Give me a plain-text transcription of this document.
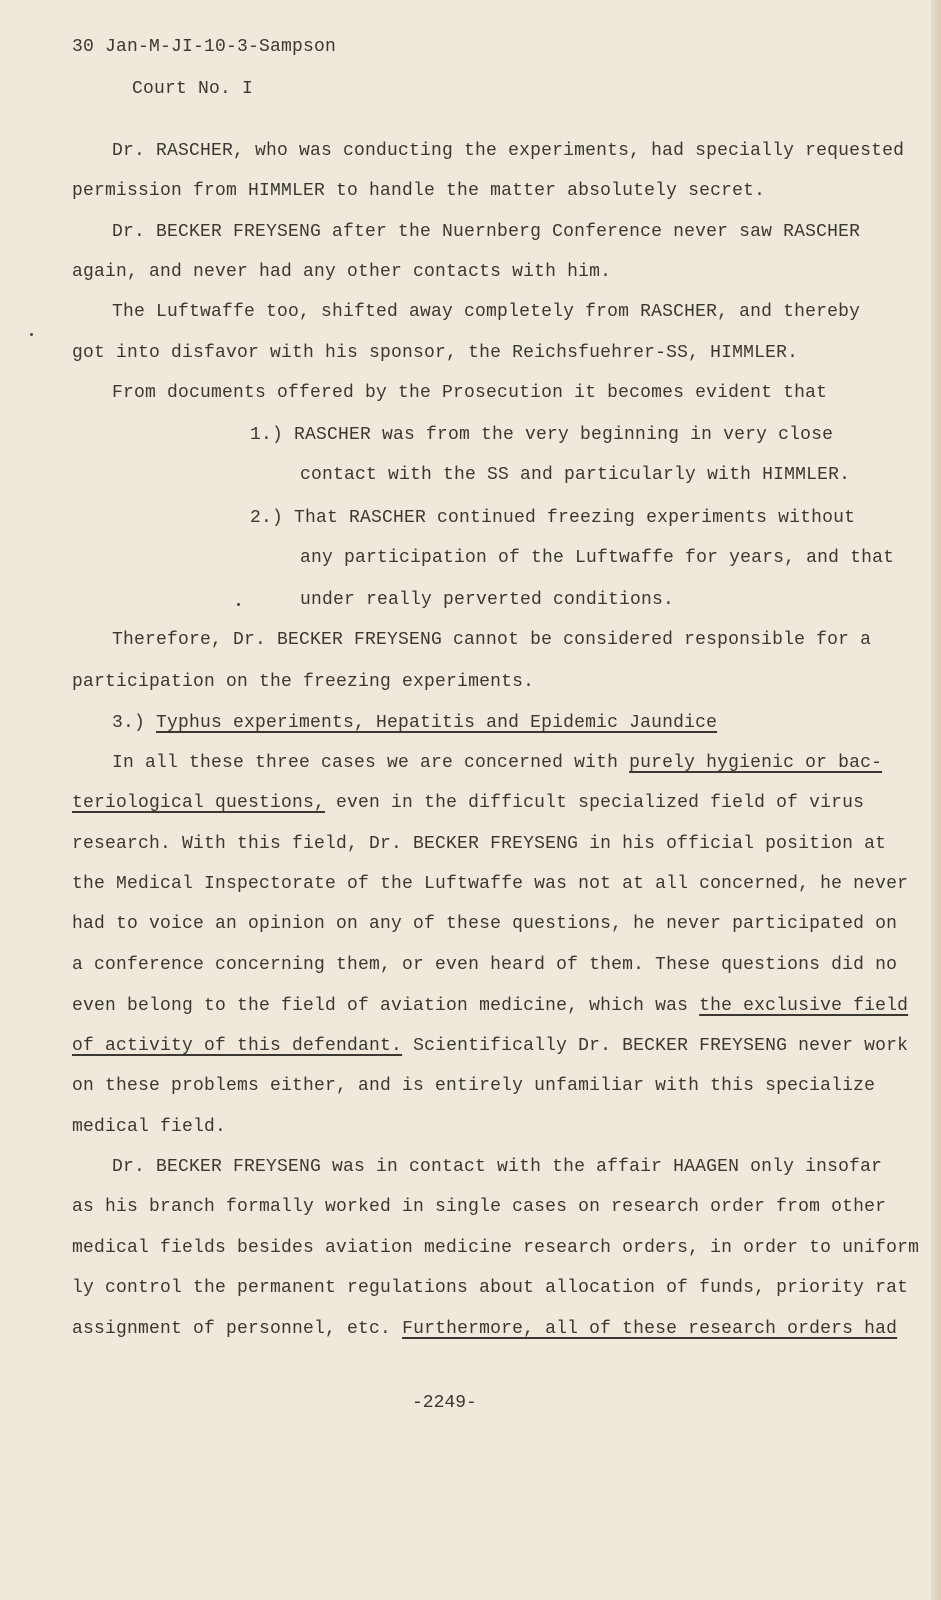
30 Jan-M-JI-10-3-Sampson
Court No. I
Dr. RASCHER, who was conducting the experiments, had specially requested
permission from HIMMLER to handle the matter absolutely secret.
Dr. BECKER FREYSENG after the Nuernberg Conference never saw RASCHER
again, and never had any other contacts with him.
The Luftwaffe too, shifted away completely from RASCHER, and thereby
got into disfavor with his sponsor, the Reichsfuehrer-SS, HIMMLER.
From documents offered by the Prosecution it becomes evident that
1.) RASCHER was from the very beginning in very close
contact with the SS and particularly with HIMMLER.
2.) That RASCHER continued freezing experiments without
any participation of the Luftwaffe for years, and that
under really perverted conditions.
Therefore, Dr. BECKER FREYSENG cannot be considered responsible for a
participation on the freezing experiments.
3.) Typhus experiments, Hepatitis and Epidemic Jaundice
In all these three cases we are concerned with purely hygienic or bac-
teriological questions, even in the difficult specialized field of virus
research. With this field, Dr. BECKER FREYSENG in his official position at
the Medical Inspectorate of the Luftwaffe was not at all concerned, he never
had to voice an opinion on any of these questions, he never participated on
a conference concerning them, or even heard of them. These questions did no
even belong to the field of aviation medicine, which was the exclusive field
of activity of this defendant. Scientifically Dr. BECKER FREYSENG never work
on these problems either, and is entirely unfamiliar with this specialize
medical field.
Dr. BECKER FREYSENG was in contact with the affair HAAGEN only insofar
as his branch formally worked in single cases on research order from other
medical fields besides aviation medicine research orders, in order to uniform
ly control the permanent regulations about allocation of funds, priority rat
assignment of personnel, etc. Furthermore, all of these research orders had
-2249-
